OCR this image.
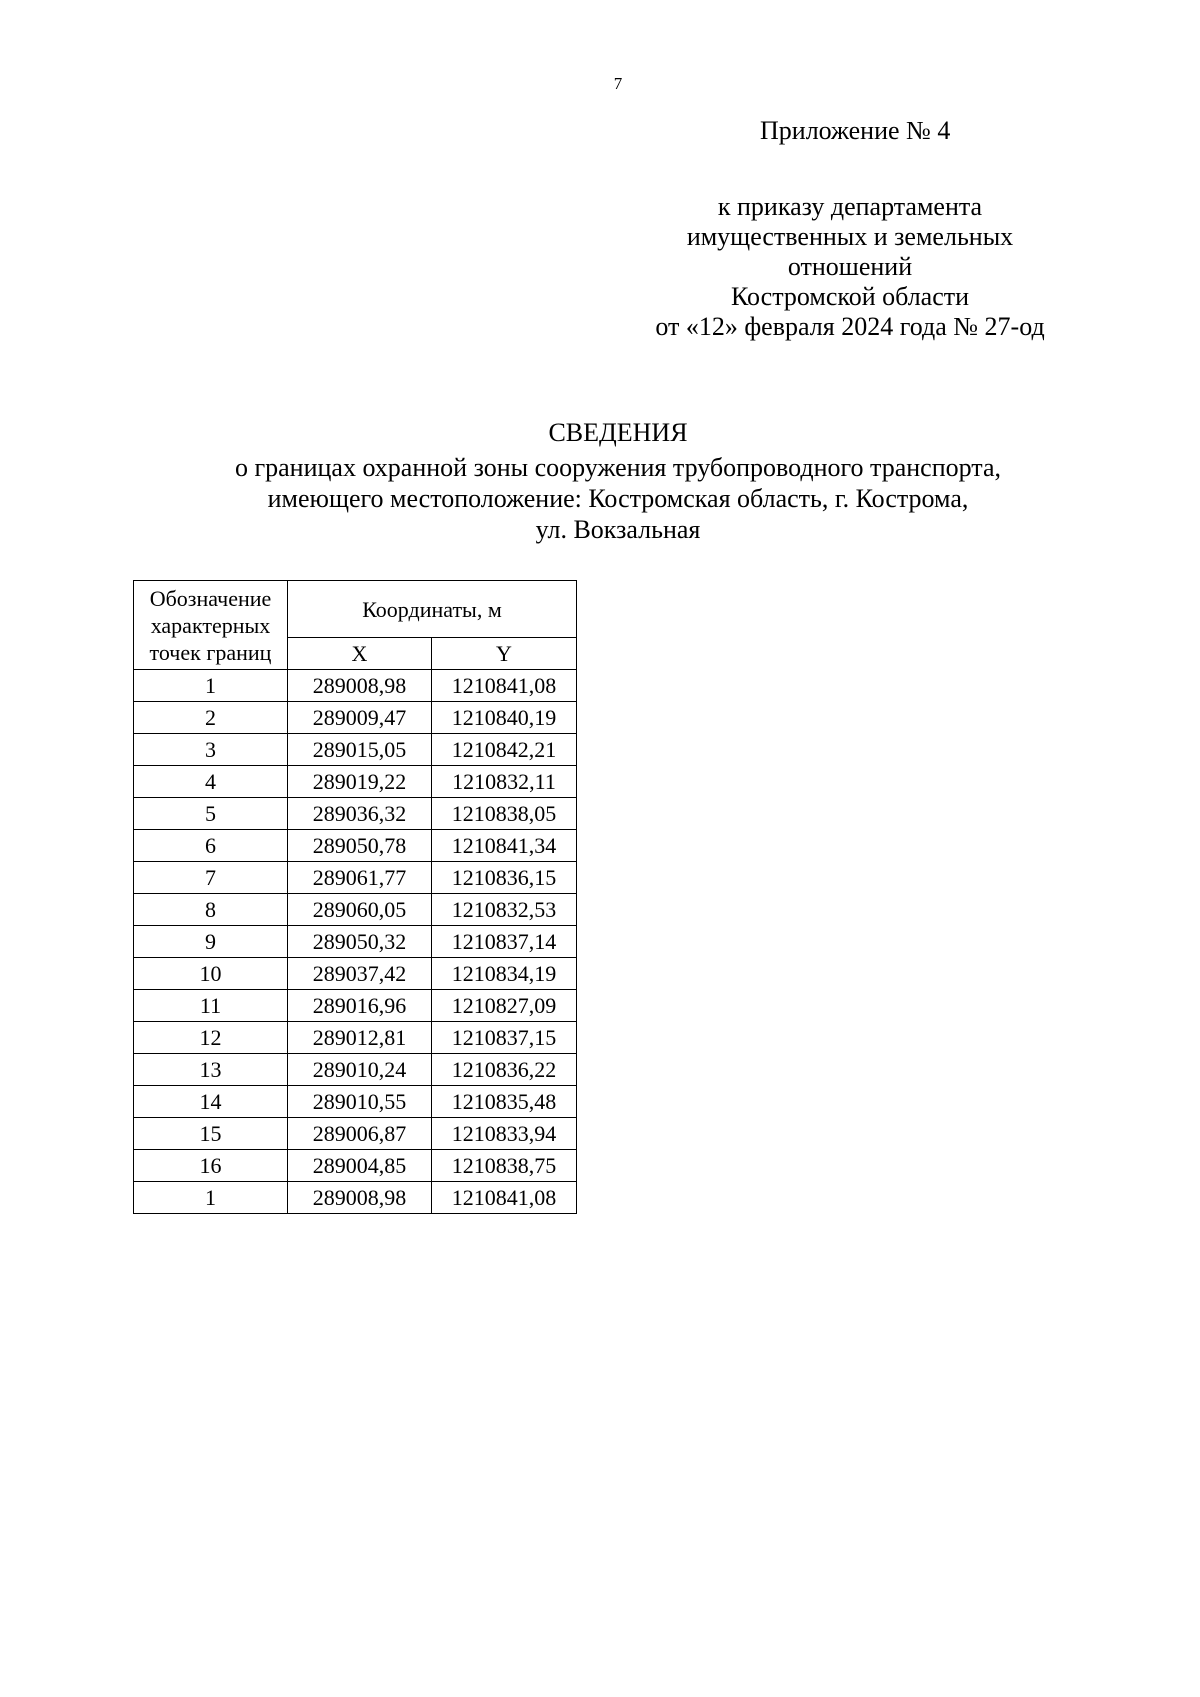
7
Приложение № 4
к приказу департамента
имущественных и земельных
отношений
Костромской области
от «12» февраля 2024 года № 27-од
СВЕДЕНИЯ
о границах охранной зоны сооружения трубопроводного транспорта,
имеющего местоположение: Костромская область, г. Кострома,
ул. Вокзальная
Обозначение
характерных
точек границ	Координаты, м	
	X	Y
1	289008,98	1210841,08
2	289009,47	1210840,19
3	289015,05	1210842,21
4	289019,22	1210832,11
5	289036,32	1210838,05
6	289050,78	1210841,34
7	289061,77	1210836,15
8	289060,05	1210832,53
9	289050,32	1210837,14
10	289037,42	1210834,19
11	289016,96	1210827,09
12	289012,81	1210837,15
13	289010,24	1210836,22
14	289010,55	1210835,48
15	289006,87	1210833,94
16	289004,85	1210838,75
1	289008,98	1210841,08
